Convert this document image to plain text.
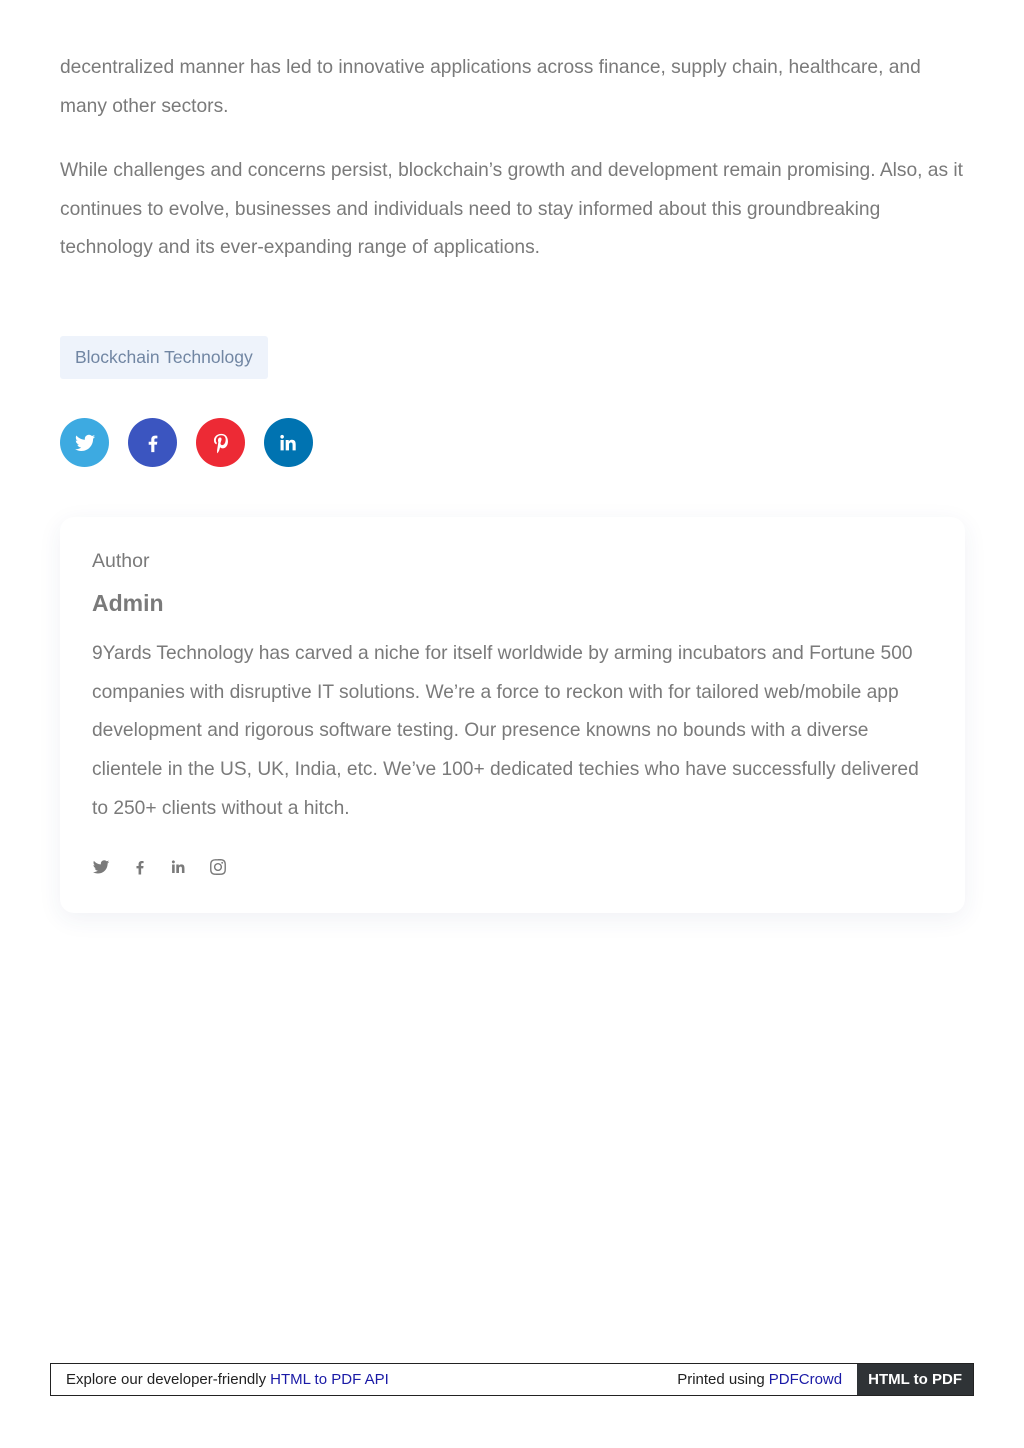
decentralized manner has led to innovative applications across finance, supply chain, healthcare, and many other sectors.

While challenges and concerns persist, blockchain’s growth and development remain promising. Also, as it continues to evolve, businesses and individuals need to stay informed about this groundbreaking technology and its ever-expanding range of applications.

Blockchain Technology
Author
Admin

9Yards Technology has carved a niche for itself worldwide by arming incubators and Fortune 500 companies with disruptive IT solutions. We’re a force to reckon with for tailored web/mobile app development and rigorous software testing. Our presence knowns no bounds with a diverse clientele in the US, UK, India, etc. We’ve 100+ dedicated techies who have successfully delivered to 250+ clients without a hitch.

Explore our developer-friendly HTML to PDF API	Printed using PDFCrowd	HTML to PDF
